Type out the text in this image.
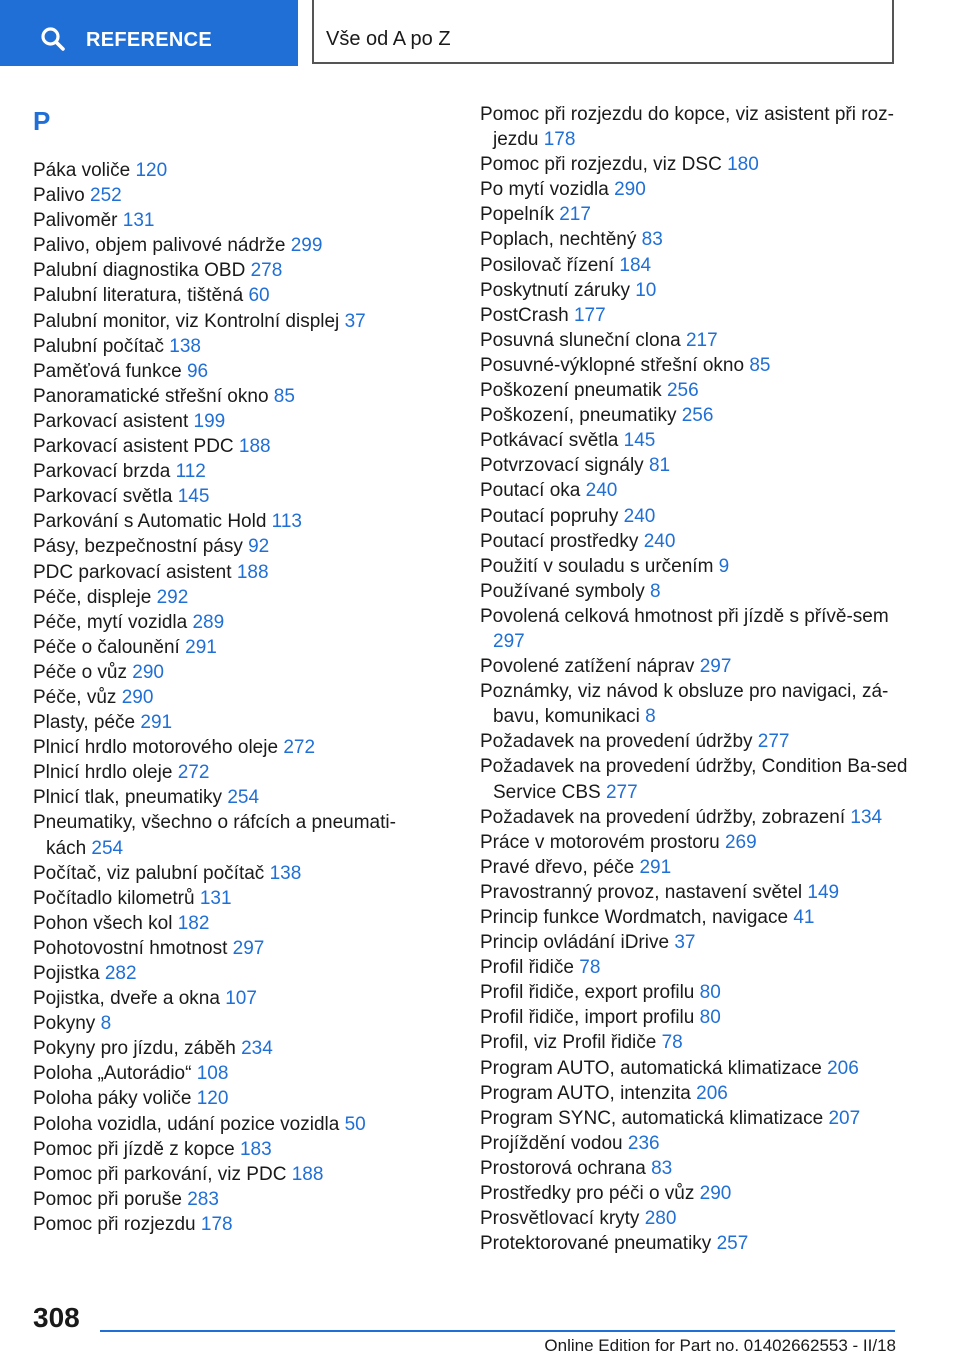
REFERENCE	Vše od A po Z
P

Páka voliče 120

Palivo 252

Palivoměr 131

Palivo, objem palivové nádrže 299

Palubní diagnostika OBD 278

Palubní literatura, tištěná 60

Palubní monitor, viz Kontrolní displej 37

Palubní počítač 138

Paměťová funkce 96

Panoramatické střešní okno 85

Parkovací asistent 199

Parkovací asistent PDC 188

Parkovací brzda 112

Parkovací světla 145

Parkování s Automatic Hold 113

Pásy, bezpečnostní pásy 92

PDC parkovací asistent 188

Péče, displeje 292

Péče, mytí vozidla 289

Péče o čalounění 291

Péče o vůz 290

Péče, vůz 290

Plasty, péče 291

Plnicí hrdlo motorového oleje 272

Plnicí hrdlo oleje 272

Plnicí tlak, pneumatiky 254

Pneumatiky, všechno o ráfcích a pneumati-kách 254

Počítač, viz palubní počítač 138

Počítadlo kilometrů 131

Pohon všech kol 182

Pohotovostní hmotnost 297

Pojistka 282

Pojistka, dveře a okna 107

Pokyny 8

Pokyny pro jízdu, záběh 234

Poloha „Autorádio“ 108

Poloha páky voliče 120

Poloha vozidla, udání pozice vozidla 50

Pomoc při jízdě z kopce 183

Pomoc při parkování, viz PDC 188

Pomoc při poruše 283

Pomoc při rozjezdu 178

Pomoc při rozjezdu do kopce, viz asistent při roz-jezdu 178

Pomoc při rozjezdu, viz DSC 180

Po mytí vozidla 290

Popelník 217

Poplach, nechtěný 83

Posilovač řízení 184

Poskytnutí záruky 10

PostCrash 177

Posuvná sluneční clona 217

Posuvné-výklopné střešní okno 85

Poškození pneumatik 256

Poškození, pneumatiky 256

Potkávací světla 145

Potvrzovací signály 81

Poutací oka 240

Poutací popruhy 240

Poutací prostředky 240

Použití v souladu s určením 9

Používané symboly 8

Povolená celková hmotnost při jízdě s přívě-sem 297

Povolené zatížení náprav 297

Poznámky, viz návod k obsluze pro navigaci, zá-bavu, komunikaci 8

Požadavek na provedení údržby 277

Požadavek na provedení údržby, Condition Ba-sed Service CBS 277

Požadavek na provedení údržby, zobrazení 134

Práce v motorovém prostoru 269

Pravé dřevo, péče 291

Pravostranný provoz, nastavení světel 149

Princip funkce Wordmatch, navigace 41

Princip ovládání iDrive 37

Profil řidiče 78

Profil řidiče, export profilu 80

Profil řidiče, import profilu 80

Profil, viz Profil řidiče 78

Program AUTO, automatická klimatizace 206

Program AUTO, intenzita 206

Program SYNC, automatická klimatizace 207

Projíždění vodou 236

Prostorová ochrana 83

Prostředky pro péči o vůz 290

Prosvětlovací kryty 280

Protektorované pneumatiky 257

308
Online Edition for Part no. 01402662553 - II/18
